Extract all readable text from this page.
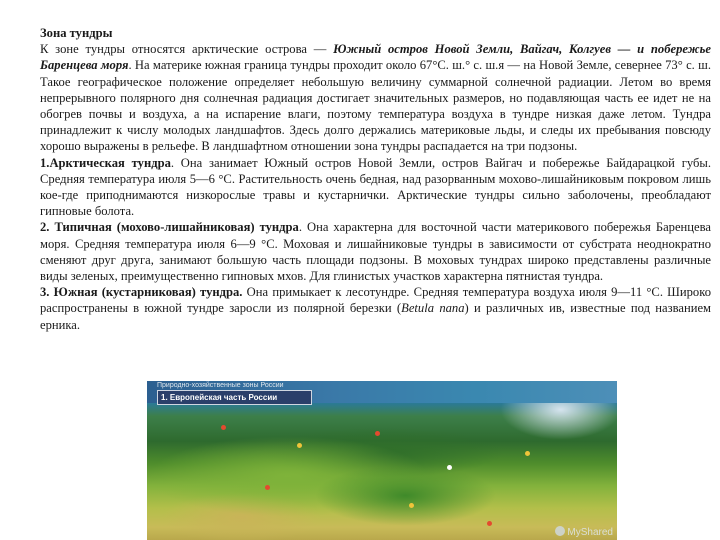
Зона тундры

К зоне тундры относятся арктические острова — Южный остров Новой Земли, Вайгач, Колгуев — и побережье Баренцева моря. На материке южная граница тундры проходит около 67°С. ш.° с. ш.я — на Новой Земле, севернее 73° с. ш. Такое географическое положение определяет небольшую величину суммарной солнечной радиации. Летом во время непрерывного полярного дня солнечная радиация достигает значительных размеров, но подавляющая часть ее идет не на обогрев почвы и воздуха, а на испарение влаги, поэтому температура воздуха в тундре низкая даже летом. Тундра принадлежит к числу молодых ландшафтов. Здесь долго держались материковые льды, и следы их пребывания повсюду хорошо выражены в рельефе. В ландшафтном отношении зона тундры распадается на три подзоны.

1.Арктическая тундра. Она занимает Южный остров Новой Земли, остров Вайгач и побережье Байдарацкой губы. Средняя температура июля 5—6 °С. Растительность очень бедная, над разорванным мохово-лишайниковым покровом лишь кое-где приподнимаются низкорослые травы и кустарнички. Арктические тундры сильно заболочены, преобладают гипновые болота.

2. Типичная (мохово-лишайниковая) тундра. Она характерна для восточной части материкового побережья Баренцева моря. Средняя температура июля 6—9 °С. Моховая и лишайниковые тундры в зависимости от субстрата неоднократно сменяют друг друга, занимают большую часть площади подзоны. В моховых тундрах широко представлены различные виды зеленых, преимущественно гипновых мхов. Для глинистых участков характерна пятнистая тундра.

3. Южная (кустарниковая) тундра. Она примыкает к лесотундре. Средняя температура воздуха июля 9—11 °С. Широко распространены в южной тундре заросли из полярной березки (Betula nana) и различных ив, известные под названием ерника.

Природно-хозяйственные зоны России
1. Европейская часть России
MyShared
